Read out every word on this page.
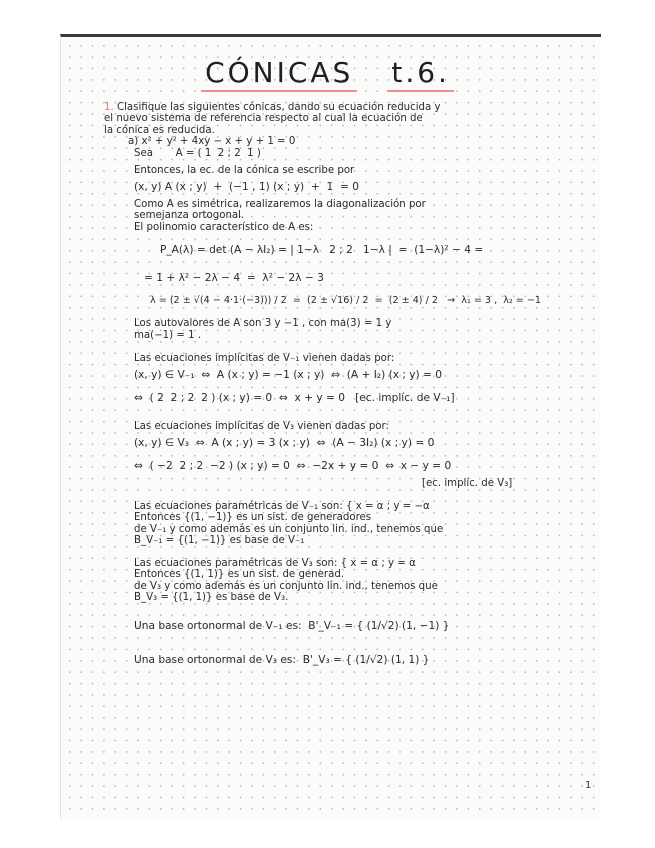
CÓNICAS t.6.
1. Clasifique las siguientes cónicas, dando su ecuación reducida y
el nuevo sistema de referencia respecto al cual la ecuación de
la cónica es reducida.
a) x² + y² + 4xy − x + y + 1 = 0
Sea       A = ( 1  2 ; 2  1 )
Entonces, la ec. de la cónica se escribe por
(x, y) A (x ; y)  +  (−1 , 1) (x ; y)  +  1  = 0
Como A es simétrica, realizaremos la diagonalización por
semejanza ortogonal.
El polinomio característico de A es:
P_A(λ) = det (A − λI₂) = | 1−λ   2 ; 2   1−λ |  =  (1−λ)² − 4 =
= 1 + λ² − 2λ − 4  =  λ² − 2λ − 3
λ = (2 ± √(4 − 4·1·(−3))) / 2  =  (2 ± √16) / 2  =  (2 ± 4) / 2   →  λ₁ = 3 ,  λ₂ = −1
Los autovalores de A son 3 y −1 , con ma(3) = 1 y
ma(−1) = 1 .
Las ecuaciones implícitas de V₋₁ vienen dadas por:
(x, y) ∈ V₋₁  ⇔  A (x ; y) = −1 (x ; y)  ⇔  (A + I₂) (x ; y) = 0
⇔  ( 2  2 ; 2  2 ) (x ; y) = 0  ⇔  x + y = 0   [ec. implíc. de V₋₁]
Las ecuaciones implícitas de V₃ vienen dadas por:
(x, y) ∈ V₃  ⇔  A (x ; y) = 3 (x ; y)  ⇔  (A − 3I₂) (x ; y) = 0
⇔  ( −2  2 ; 2  −2 ) (x ; y) = 0  ⇔  −2x + y = 0  ⇔  x − y = 0
[ec. implíc. de V₃]
Las ecuaciones paramétricas de V₋₁ son: { x = α ; y = −α
Entonces {(1, −1)} es un sist. de generadores
de V₋₁ y como además es un conjunto lin. ind., tenemos que
B_V₋₁ = {(1, −1)} es base de V₋₁
Las ecuaciones paramétricas de V₃ son: { x = α ; y = α
Entonces {(1, 1)} es un sist. de generad.
de V₃ y como además es un conjunto lin. ind., tenemos que
B_V₃ = {(1, 1)} es base de V₃.
Una base ortonormal de V₋₁ es:  B'_V₋₁ = { (1/√2) (1, −1) }
Una base ortonormal de V₃ es:  B'_V₃ = { (1/√2) (1, 1) }
1
